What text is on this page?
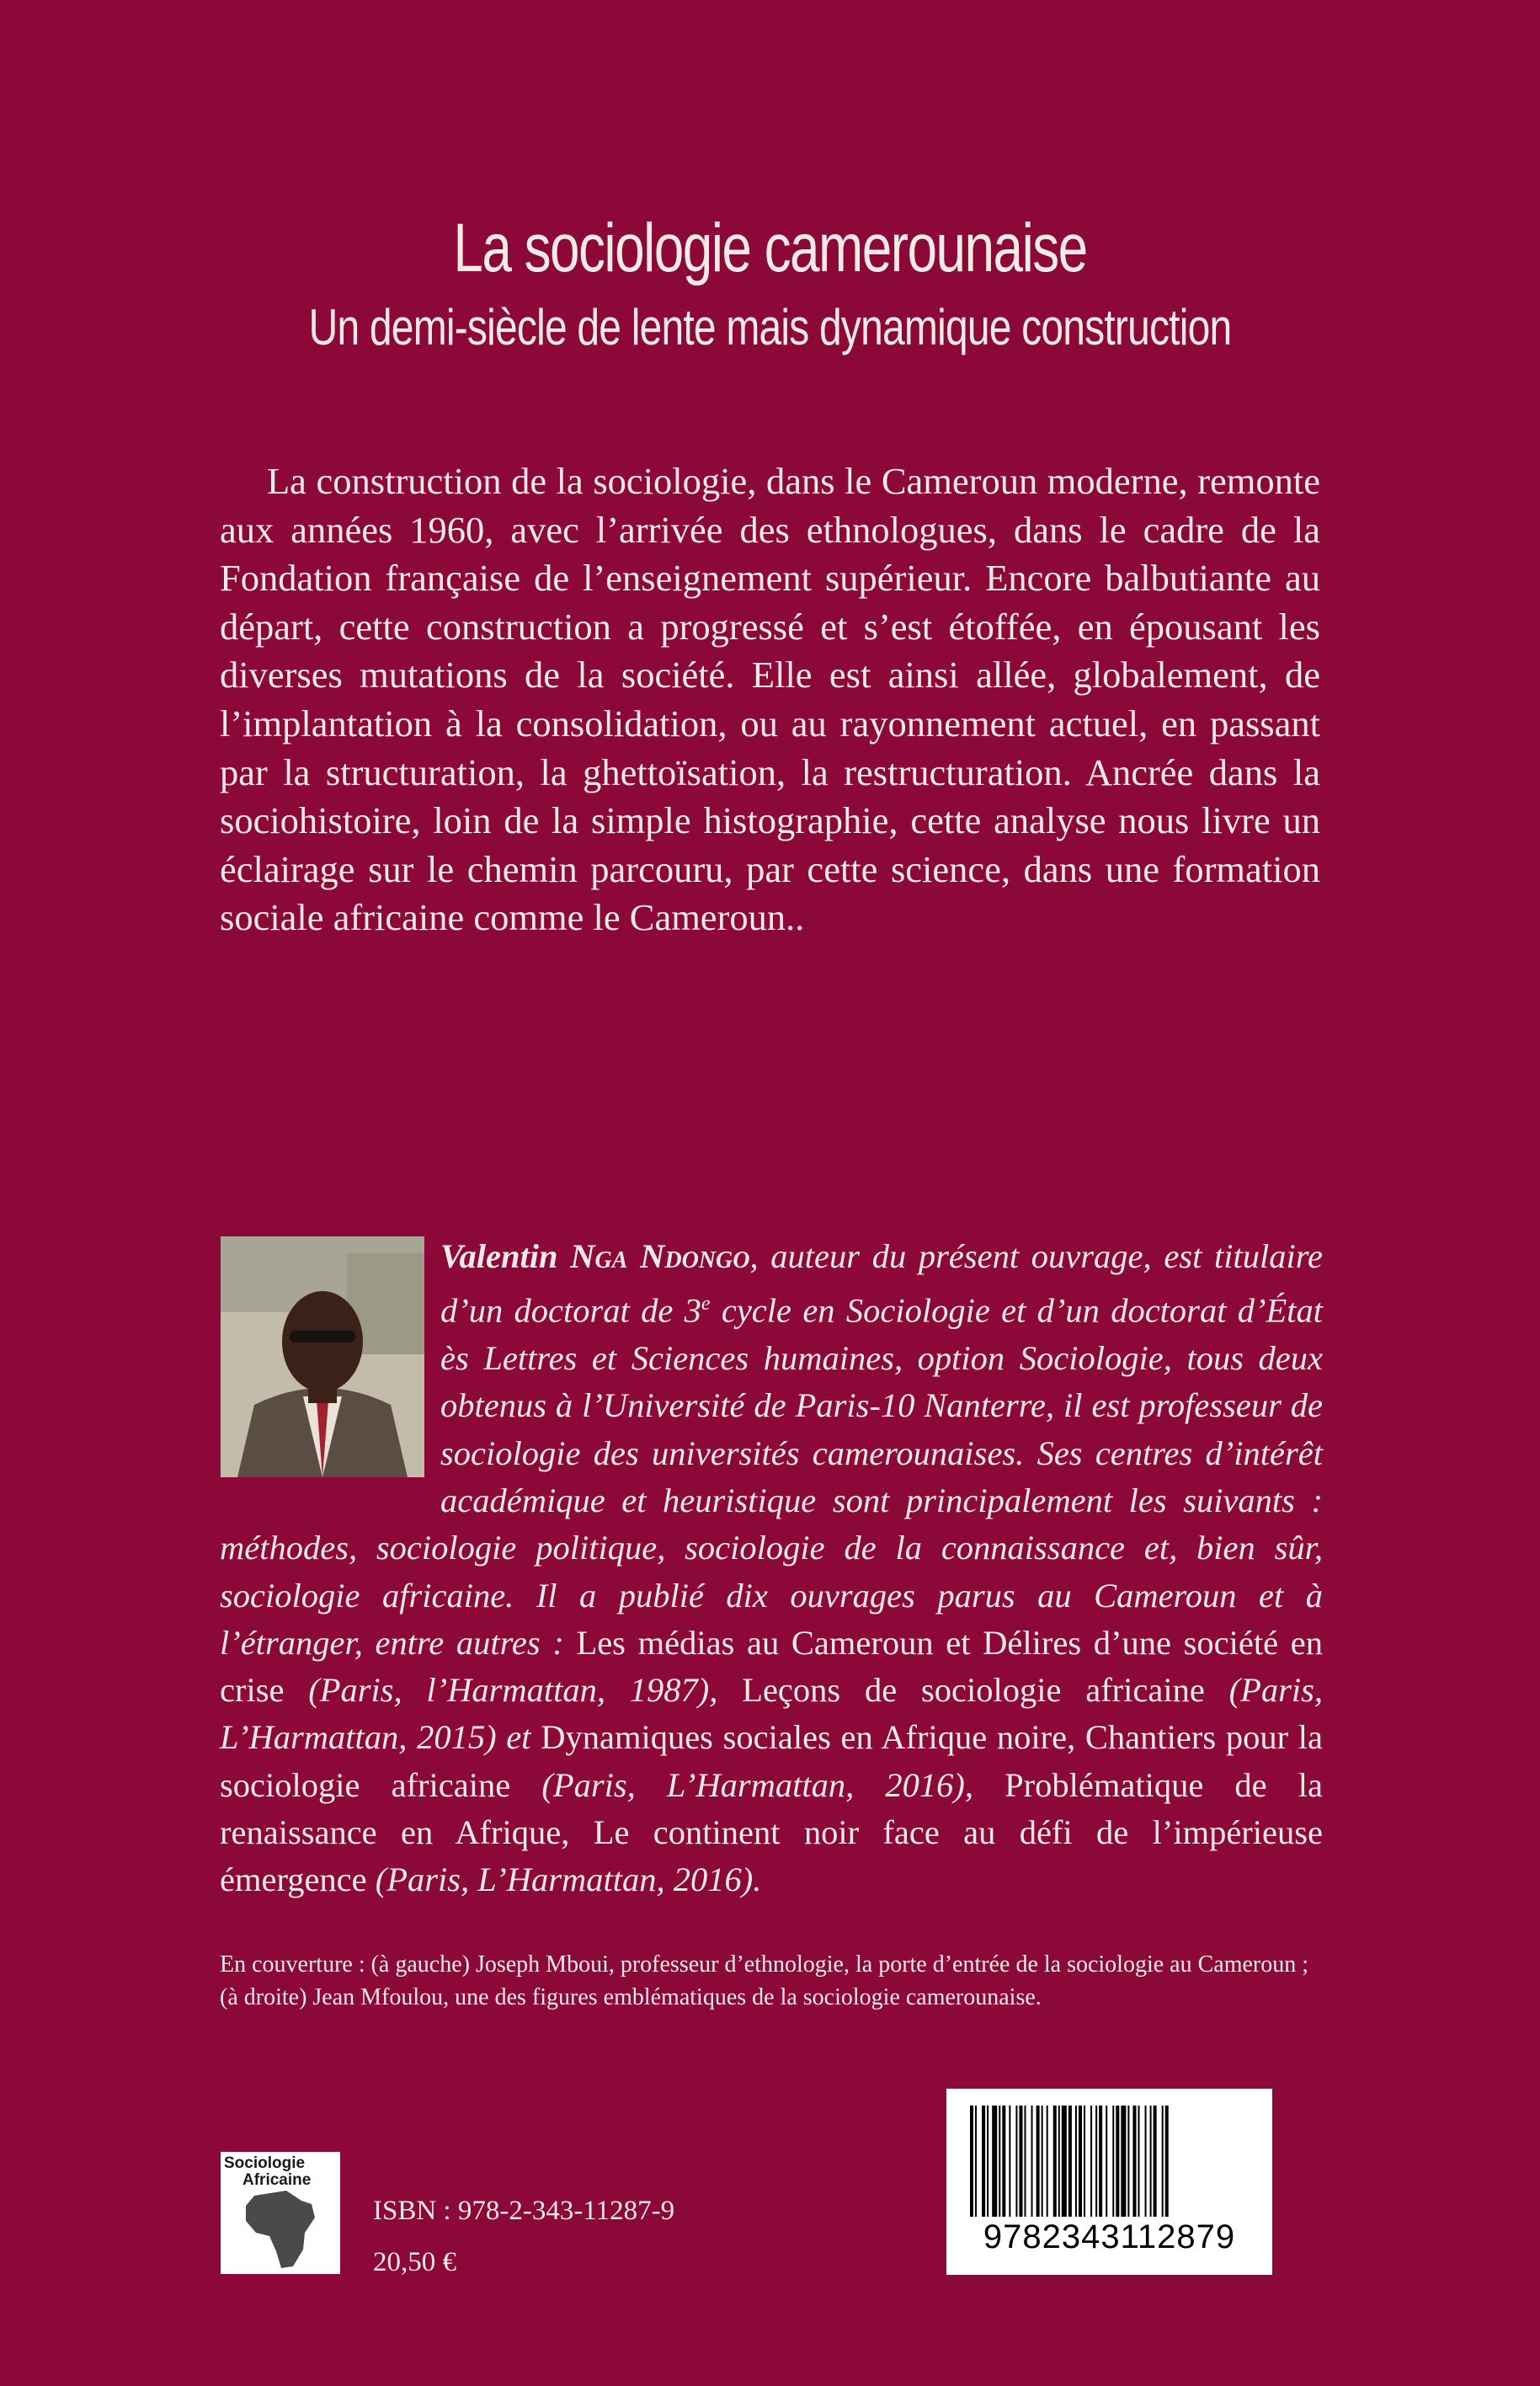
La sociologie camerounaise
Un demi-siècle de lente mais dynamique construction

La construction de la sociologie, dans le Cameroun moderne, remonte aux années 1960, avec l’arrivée des ethnologues, dans le cadre de la Fondation française de l’enseignement supérieur. Encore balbutiante au départ, cette construction a progressé et s’est étoffée, en épousant les diverses mutations de la société. Elle est ainsi allée, globalement, de l’implantation à la consolidation, ou au rayonnement actuel, en passant par la structuration, la ghettoïsation, la restructuration. Ancrée dans la sociohistoire, loin de la simple histographie, cette analyse nous livre un éclairage sur le chemin parcouru, par cette science, dans une formation sociale africaine comme le Cameroun..

Valentin Nga Ndongo, auteur du présent ouvrage, est titulaire d’un doctorat de 3e cycle en Sociologie et d’un doctorat d’État ès Lettres et Sciences humaines, option Sociologie, tous deux obtenus à l’Université de Paris-10 Nanterre, il est professeur de sociologie des universités camerounaises. Ses centres d’intérêt académique et heuristique sont principalement les suivants : méthodes, sociologie politique, sociologie de la connaissance et, bien sûr, sociologie africaine. Il a publié dix ouvrages parus au Cameroun et à l’étranger, entre autres : Les médias au Cameroun et Délires d’une société en crise (Paris, l’Harmattan, 1987), Leçons de sociologie africaine (Paris, L’Harmattan, 2015) et Dynamiques sociales en Afrique noire, Chantiers pour la sociologie africaine (Paris, L’Harmattan, 2016), Problématique de la renaissance en Afrique, Le continent noir face au défi de l’impérieuse émergence (Paris, L’Harmattan, 2016).

En couverture : (à gauche) Joseph Mboui, professeur d’ethnologie, la porte d’entrée de la sociologie au Cameroun ; (à droite) Jean Mfoulou, une des figures emblématiques de la sociologie camerounaise.

Sociologie
Africaine
ISBN : 978-2-343-11287-9
20,50 €
9782343112879
